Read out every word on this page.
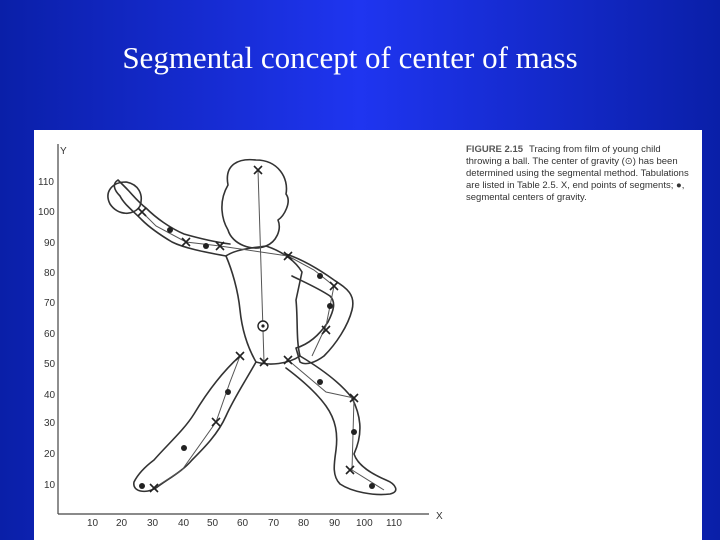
Segmental concept of center of mass
Y
X
110
100
90
80
70
60
50
40
30
20
10
10 20 30 40 50 60 70 80 90 100 110
FIGURE 2.15 Tracing from film of young child throwing a ball. The center of gravity (⊙) has been determined using the segmental method. Tabulations are listed in Table 2.5. X, end points of segments; ●, segmental centers of gravity.
